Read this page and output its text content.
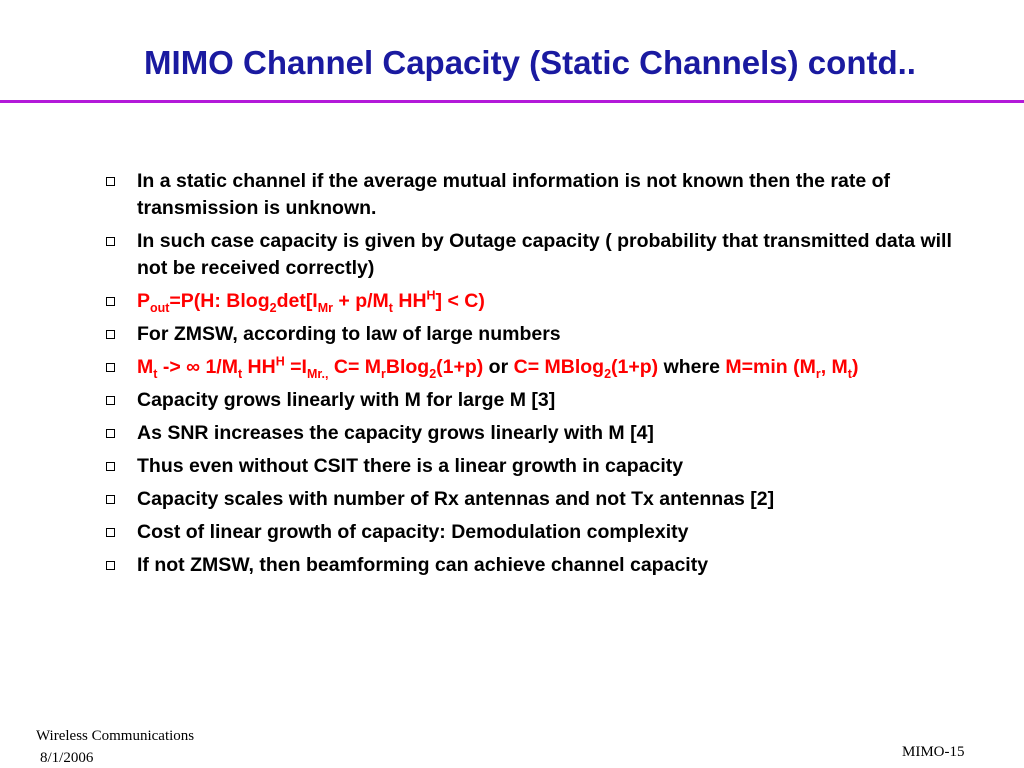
MIMO Channel Capacity (Static Channels) contd..
In a static channel if the average mutual information is not known then the rate of transmission is unknown.
In such case capacity is given by Outage capacity ( probability that transmitted data will not be received correctly)
$P_{out}=P(H$: $Blog_2\det[I_{Mr} + p/M_t$ $HH^H] < C$)
For ZMSW, according to law of large numbers
$M_t$ -> ∞ $1/M_t$ $HH^H =I_{Mr.,}$ $C= M_rBlog_2(1+p)$ or C= MBlog$_2$(1+p) where M=min ($M_r$, $M_t$)
Capacity grows linearly with M for large M [3]
As SNR increases the capacity grows linearly with M [4]
Thus even without CSIT there is a linear growth in capacity
Capacity scales with number of Rx antennas and not Tx antennas [2]
Cost of linear growth of capacity: Demodulation complexity
If not ZMSW, then beamforming can achieve channel capacity
Wireless Communications
8/1/2006	MIMO-15
